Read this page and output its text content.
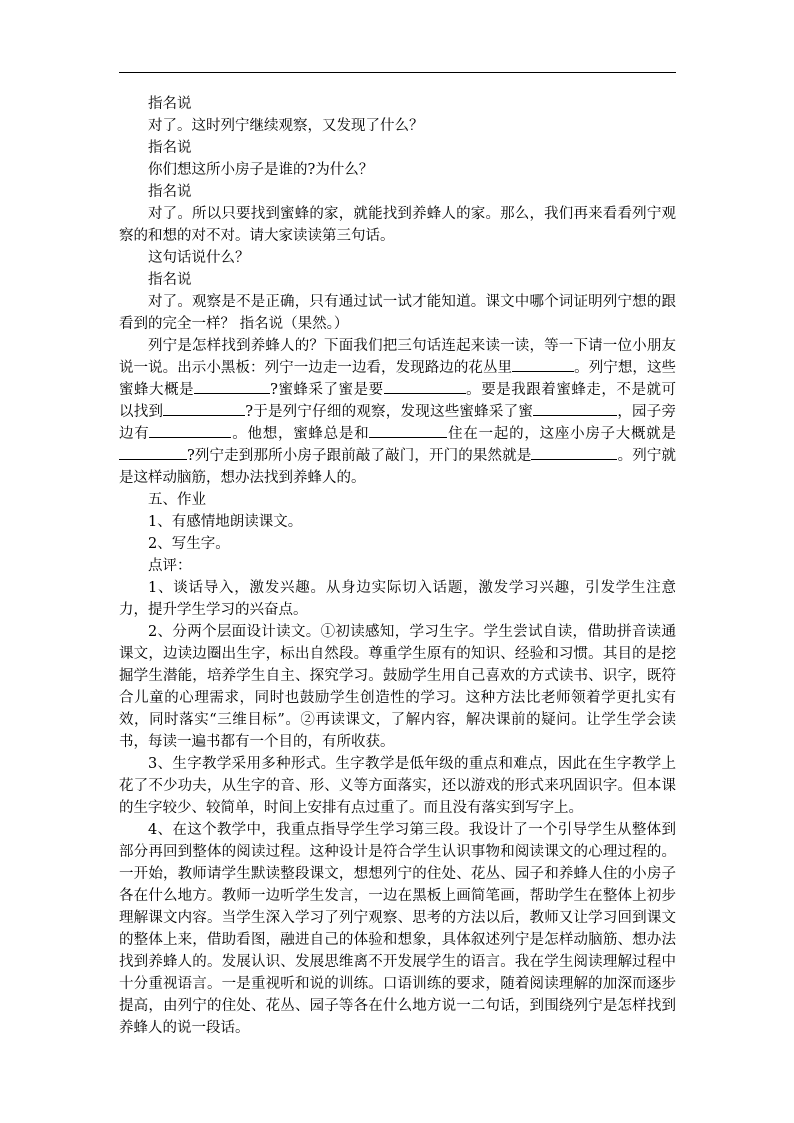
指名说

对了。这时列宁继续观察，又发现了什么？

指名说

你们想这所小房子是谁的?为什么？

指名说

对了。所以只要找到蜜蜂的家，就能找到养蜂人的家。那么，我们再来看看列宁观察的和想的对不对。请大家读读第三句话。

这句话说什么？

指名说

对了。观察是不是正确，只有通过试一试才能知道。课文中哪个词证明列宁想的跟看到的完全一样？ 指名说（果然。）

列宁是怎样找到养蜂人的？下面我们把三句话连起来读一读，等一下请一位小朋友说一说。出示小黑板：列宁一边走一边看，发现路边的花丛里	。列宁想，这些蜜蜂大概是	?蜜蜂采了蜜是要	。要是我跟着蜜蜂走，不是就可以找到	?于是列宁仔细的观察，发现这些蜜蜂采了蜜	，园子旁边有	。他想，蜜蜂总是和	住在一起的，这座小房子大概就是?列宁走到那所小房子跟前敲了敲门，开门的果然就是	。列宁就是这样动脑筋，想办法找到养蜂人的。

五、作业

1、有感情地朗读课文。

2、写生字。

点评：

1、谈话导入，激发兴趣。从身边实际切入话题，激发学习兴趣，引发学生注意力，提升学生学习的兴奋点。

2、分两个层面设计读文。①初读感知，学习生字。学生尝试自读，借助拼音读通课文，边读边圈出生字，标出自然段。尊重学生原有的知识、经验和习惯。其目的是挖掘学生潜能，培养学生自主、探究学习。鼓励学生用自己喜欢的方式读书、识字，既符合儿童的心理需求，同时也鼓励学生创造性的学习。这种方法比老师领着学更扎实有效，同时落实“三维目标”。②再读课文，了解内容，解决课前的疑问。让学生学会读书，每读一遍书都有一个目的，有所收获。

3、生字教学采用多种形式。生字教学是低年级的重点和难点，因此在生字教学上花了不少功夫，从生字的音、形、义等方面落实，还以游戏的形式来巩固识字。但本课的生字较少、较简单，时间上安排有点过重了。而且没有落实到写字上。

4、在这个教学中，我重点指导学生学习第三段。我设计了一个引导学生从整体到部分再回到整体的阅读过程。这种设计是符合学生认识事物和阅读课文的心理过程的。一开始，教师请学生默读整段课文，想想列宁的住处、花丛、园子和养蜂人住的小房子各在什么地方。教师一边听学生发言，一边在黑板上画简笔画，帮助学生在整体上初步理解课文内容。当学生深入学习了列宁观察、思考的方法以后，教师又让学习回到课文的整体上来，借助看图，融进自己的体验和想象，具体叙述列宁是怎样动脑筋、想办法找到养蜂人的。发展认识、发展思维离不开发展学生的语言。我在学生阅读理解过程中十分重视语言。一是重视听和说的训练。口语训练的要求，随着阅读理解的加深而逐步提高，由列宁的住处、花丛、园子等各在什么地方说一二句话，到围绕列宁是怎样找到养蜂人的说一段话。
